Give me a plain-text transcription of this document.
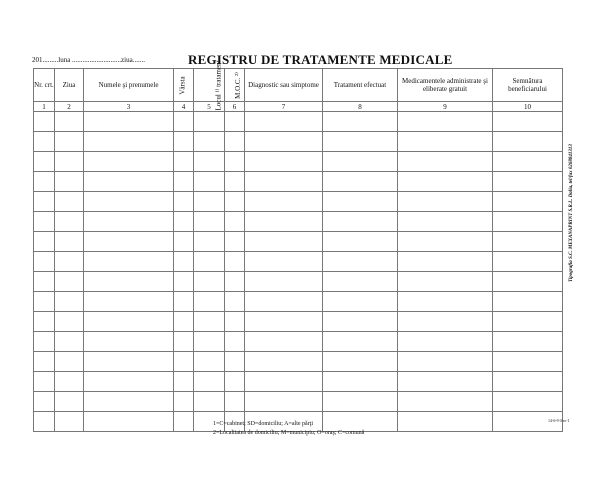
201.........luna ............................ziua.......	REGISTRU DE TRATAMENTE MEDICALE
Nr. crt.	Ziua	Numele şi prenumele	Vârsta	Locul ¹⁾ tratament	M.O.C. ²⁾	Diagnostic sau simptome	Tratament efectuat	Medicamentele administrate şi eliberate gratuit	Semnătura beneficiarului
1	2	3	4	5	6	7	8	9	10

1=C=cabinet; SD=domiciliu; A=alte părţi
2=Localitatea de domiciliu; M=municipiu; O=oraş; C=comună
Tipografia S.C. MEXANAPRINT S.R.L. Dalia, tel/fax 0268841313
14-6-9 0/ro-1
